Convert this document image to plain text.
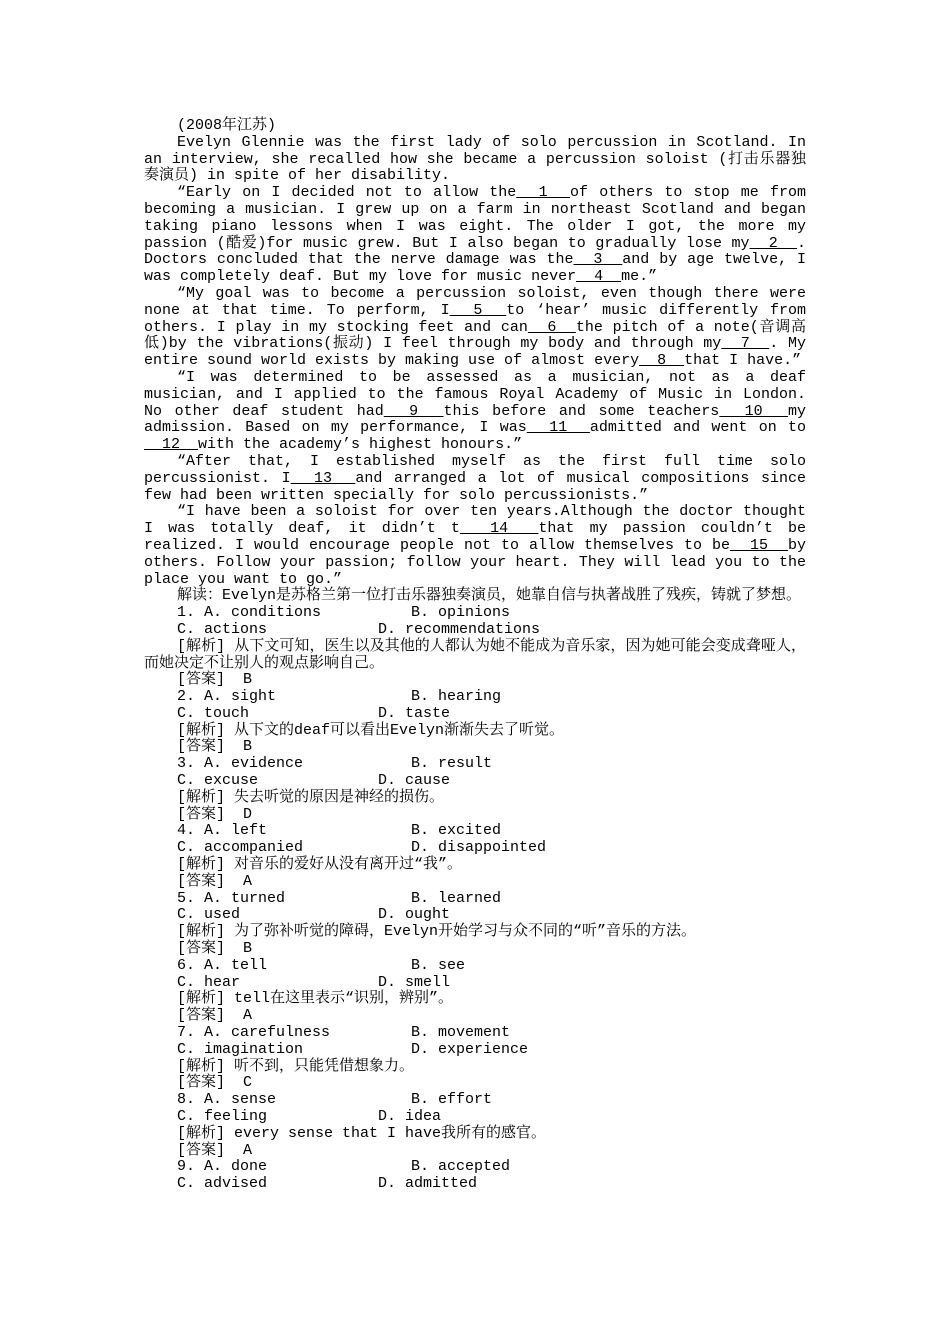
(2008年江苏)

Evelyn Glennie was the first lady of solo percussion in Scotland. In an interview, she recalled how she became a percussion soloist (打击乐器独奏演员) in spite of her disability.

“Early on I decided not to allow the  1  of others to stop me from becoming a musician. I grew up on a farm in northeast Scotland and began taking piano lessons when I was eight. The older I got, the more my passion (酷爱)for music grew. But I also began to gradually lose my  2  . Doctors concluded that the nerve damage was the  3  and by age twelve, I was completely deaf. But my love for music never  4  me.”

“My goal was to become a percussion soloist, even though there were none at that time. To perform, I  5  to ‘hear’ music differently from others. I play in my stocking feet and can  6  the pitch of a note(音调高低)by the vibrations(振动) I feel through my body and through my  7  . My entire sound world exists by making use of almost every  8  that I have.”

“I was determined to be assessed as a musician, not as a deaf musician, and I applied to the famous Royal Academy of Music in London. No other deaf student had  9  this before and some teachers  10  my admission. Based on my performance, I was  11  admitted and went on to  12  with the academy’s highest honours.”

“After that, I established myself as the first full time solo percussionist. I  13  and arranged a lot of musical compositions since few had been written specially for solo percussionists.”

“I have been a soloist for over ten years.Although the doctor thought I was totally deaf, it didn’t t  14  that my passion couldn’t be realized. I would encourage people not to allow themselves to be  15  by others. Follow your passion; follow your heart. They will lead you to the place you want to go.”

解读：Evelyn是苏格兰第一位打击乐器独奏演员，她靠自信与执著战胜了残疾，铸就了梦想。

1. A. conditions	B. opinions
C. actions	D. recommendations

[解析] 从下文可知，医生以及其他的人都认为她不能成为音乐家，因为她可能会变成聋哑人，而她决定不让别人的观点影响自己。

[答案]  B
2. A. sight	B. hearing
C. touch	D. taste

[解析] 从下文的deaf可以看出Evelyn渐渐失去了听觉。

[答案]  B
3. A. evidence	B. result
C. excuse	D. cause

[解析] 失去听觉的原因是神经的损伤。

[答案]  D
4. A. left	B. excited
C. accompanied	D. disappointed

[解析] 对音乐的爱好从没有离开过“我”。

[答案]  A
5. A. turned	B. learned
C. used	D. ought

[解析] 为了弥补听觉的障碍，Evelyn开始学习与众不同的“听”音乐的方法。

[答案]  B
6. A. tell	B. see
C. hear	D. smell

[解析] tell在这里表示“识别，辨别”。

[答案]  A
7. A. carefulness	B. movement
C. imagination	D. experience

[解析] 听不到，只能凭借想象力。

[答案]  C
8. A. sense	B. effort
C. feeling	D. idea

[解析] every sense that I have我所有的感官。

[答案]  A
9. A. done	B. accepted
C. advised	D. admitted
